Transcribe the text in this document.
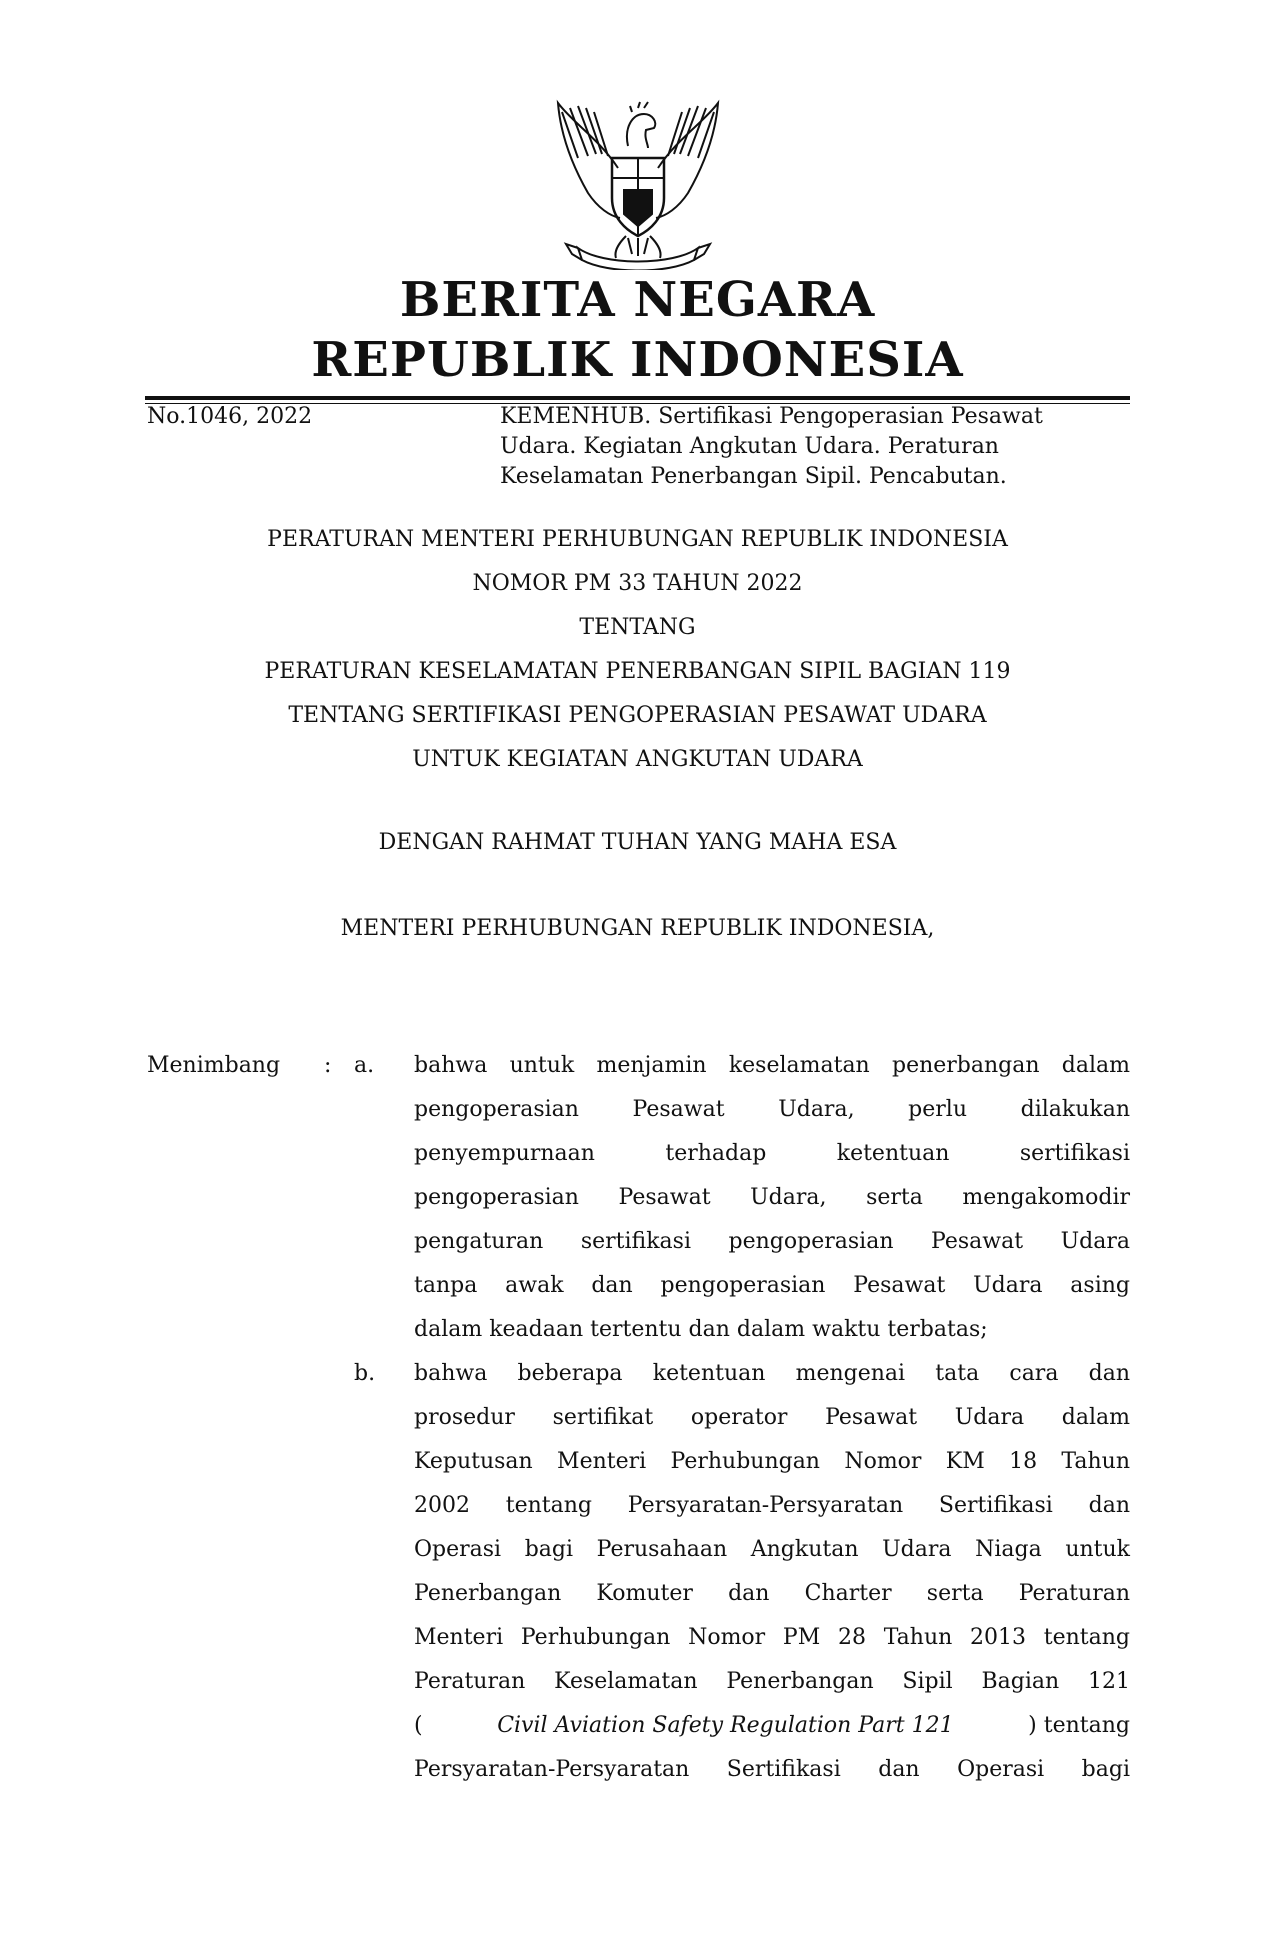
BERITA NEGARA
REPUBLIK INDONESIA
No.1046, 2022	KEMENHUB. Sertifikasi Pengoperasian Pesawat
Udara. Kegiatan Angkutan Udara. Peraturan
Keselamatan Penerbangan Sipil. Pencabutan.
PERATURAN MENTERI PERHUBUNGAN REPUBLIK INDONESIA
NOMOR PM 33 TAHUN 2022
TENTANG
PERATURAN KESELAMATAN PENERBANGAN SIPIL BAGIAN 119
TENTANG SERTIFIKASI PENGOPERASIAN PESAWAT UDARA
UNTUK KEGIATAN ANGKUTAN UDARA
DENGAN RAHMAT TUHAN YANG MAHA ESA
MENTERI PERHUBUNGAN REPUBLIK INDONESIA,
Menimbang : a. bahwa untuk menjamin keselamatan penerbangan dalam
pengoperasian Pesawat Udara, perlu dilakukan
penyempurnaan terhadap ketentuan sertifikasi
pengoperasian Pesawat Udara, serta mengakomodir
pengaturan sertifikasi pengoperasian Pesawat Udara
tanpa awak dan pengoperasian Pesawat Udara asing
dalam keadaan tertentu dan dalam waktu terbatas;
b. bahwa beberapa ketentuan mengenai tata cara dan
prosedur sertifikat operator Pesawat Udara dalam
Keputusan Menteri Perhubungan Nomor KM 18 Tahun
2002 tentang Persyaratan-Persyaratan Sertifikasi dan
Operasi bagi Perusahaan Angkutan Udara Niaga untuk
Penerbangan Komuter dan Charter serta Peraturan
Menteri Perhubungan Nomor PM 28 Tahun 2013 tentang
Peraturan Keselamatan Penerbangan Sipil Bagian 121
(	Civil Aviation Safety Regulation Part 121	) tentang
Persyaratan-Persyaratan Sertifikasi dan Operasi bagi
